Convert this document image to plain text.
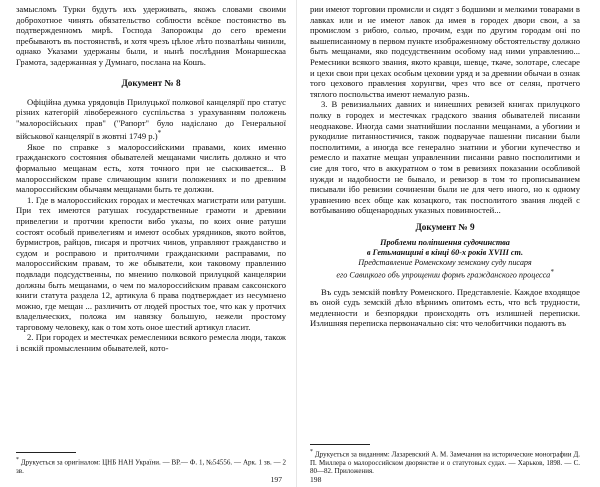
замысломъ Турки будутъ ихъ удерживать, якожъ словами своими доброхотное чинять обязательство соблюсти всёкое постоянство въ подтвержденномъ мирѣ. Господа Запорожцы до сего времени пребываютъ въ постоянствѣ, и хотя чрезъ цѣлое лѣто позвалѣны чинили, однако Указами удержаны были, и нынѣ послѣдния Монаршескаа Грамота, задержанная у Думнаго, послана на Кошъ.

Документ № 8

Офіційна думка урядовців Прилуцької полкової канцелярії про статус різних категорій лівобережного суспільства з урахуванням положень "малоросійських прав" ("Рапорт" було надіслано до Генеральної військової канцелярії в жовтні 1749 р.)*

Якое по справке з малороссийскими правами, коих именно гражданского состояния обывателей мещанами числить должно и что формально мещанам есть, хотя точного при не сыскивается... В малороссийском праве сличающим книги положениях и по древним малороссийским обычаям мещанами быть те должни.

1. Где в малороссийских городах и местечках магистрати или ратуши. При тех имеются ратушах государственные грамоти и древнии привелегии и протчии крепости вибо указы, по коих оние ратуши состоят особый привелегиям и имеют особых урядников, якото войтов, бурмистров, райцов, писаря и протчих чинов, управляют гражданство и судом и росправою и притолчими гражданскими расправами, по малороссийским правам, то же обыватели, кои таковому правлению подвлади подсудственны, по мнению полковой прилуцкой канцелярии должны быть мещанами, о чем по малороссийским правам саксонского книги статута раздела 12, артикула 6 права подтверждает из несумнено можно, где мещан ... различить от людей простых тое, что как у протчих владельческих, положа им навязку большую, нежели простому тарговому человеку, как о том хоть оное шестий артикул гласит.

2. При городех и местечках ремесленики всякого ремесла люди, також і всякій промысленним обывателей, кото-

* Друкується за оригіналом: ЦНБ НАН України. — ВР.— Ф. 1, №54556. — Арк. 1 зв. — 2 зв.

197

рии имеют торговии промисли и сидят з бодшими и мелкими товарами в лавках или и не имеют лавок да имея в городех двори свои, а за промислом з рибою, солью, прочим, езди по другим городам оні по вышеписанному в первом пункте изображенному обстоятельству должно быть мещанами, яко подсудственним особому над ними управлению... Ремесники всякого звания, якото кравци, шевце, ткаче, золотаре, слесаре и цехи свои при цехах особым цеховии уряд и за древнии обычаи в ознак того цехового правления хорунгви, чрез что все от селян, протчего тяглого поспольства имеют немалую разнь.

3. В ревизиальних давних и нинешних ревизей книгах прилуцкого полку в городех и местечках градского звания обывателей писанни неоднакове. Иногда сами знатнийшии посланни мещанами, а убогиии и рукодилие питанностичися, також подваручае пашенни писании были посполитими, а иногда все генерално знатнии и убогии купечество и ремесло и пахатне мещан управленнии писанни равно посполитими и сие для того, что в аккуратном о том в ревизиях показании особливой нужди и надобности не бывало, и ревизор в том то прописыванием писывали ібо ревизии сочиненни были не для чего иного, но к одному уравнению всех обще как козацкого, так посполитого звания людей с вотбыванию общенародных указных повинностей...

Документ № 9
Проблеми поліпшення судочинства
в Гетьманщині в кінці 60-х років XVIII ст.
Представление Роменскому земскому суду писаря
его Савицкого объ упрощении формъ гражданского процесса*

Въ судъ земскій повѣту Роменского. Представленіе. Каждое входящое въ оной судъ земскій дѣло вѣрнимъ опитомъ есть, что всѣ трудности, медленности и безпорядки происходять отъ излишней переписки. Излишняя переписка первоначально сія: что челобитчики подаютъ въ

* Друкується за виданням: Лазаревский А. М. Замечания на исторические монографии Д. П. Миллера о малороссийском дворянстве и о статутовых судах. — Харьков, 1898. — С. 80—82. Приложения.

198
